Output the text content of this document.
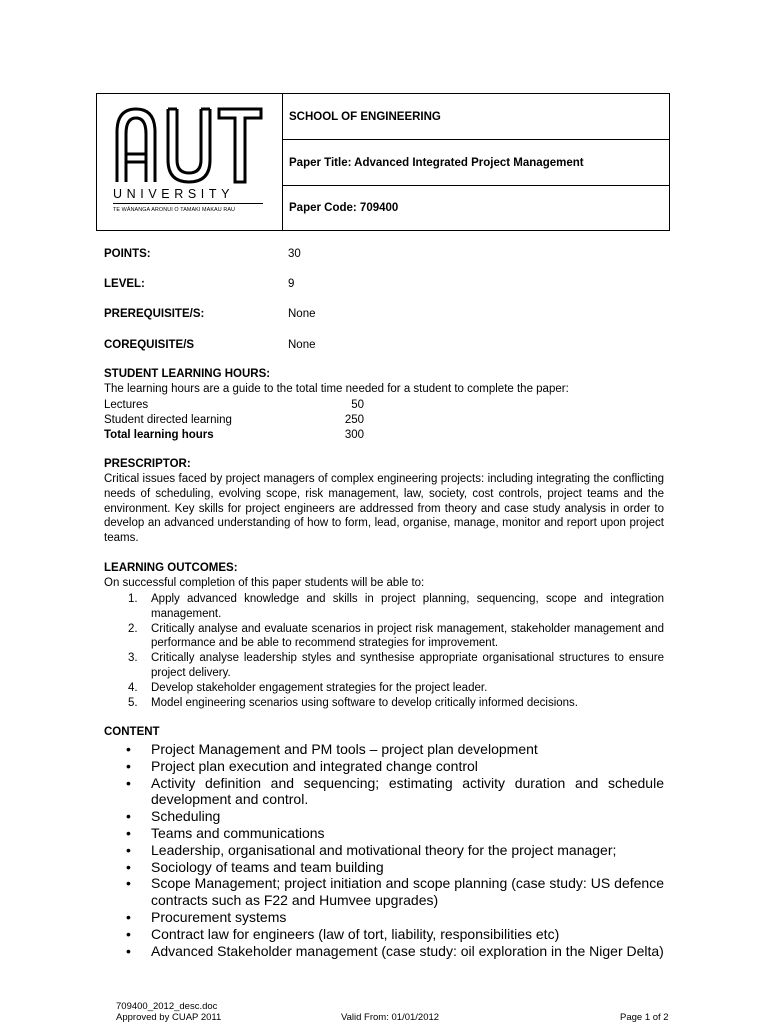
UNIVERSITY
TE WĀNANGA ARONUI O TAMAKI MAKAU RAU
SCHOOL OF ENGINEERING
Paper Title: Advanced Integrated Project Management
Paper Code: 709400
POINTS:	30
LEVEL:	9
PREREQUISITE/S:	None
COREQUISITE/S	None
STUDENT LEARNING HOURS:
The learning hours are a guide to the total time needed for a student to complete the paper:
Lectures	50
Student directed learning	250
Total learning hours	300
PRESCRIPTOR:
Critical issues faced by project managers of complex engineering projects: including integrating the conflicting needs of scheduling, evolving scope, risk management, law, society, cost controls, project teams and the environment. Key skills for project engineers are addressed from theory and case study analysis in order to develop an advanced understanding of how to form, lead, organise, manage, monitor and report upon project teams.
LEARNING OUTCOMES:
On successful completion of this paper students will be able to:
1. Apply advanced knowledge and skills in project planning, sequencing, scope and integration management.
2. Critically analyse and evaluate scenarios in project risk management, stakeholder management and performance and be able to recommend strategies for improvement.
3. Critically analyse leadership styles and synthesise appropriate organisational structures to ensure project delivery.
4. Develop stakeholder engagement strategies for the project leader.
5. Model engineering scenarios using software to develop critically informed decisions.
CONTENT
• Project Management and PM tools – project plan development
• Project plan execution and integrated change control
• Activity definition and sequencing; estimating activity duration and schedule development and control.
• Scheduling
• Teams and communications
• Leadership, organisational and motivational theory for the project manager;
• Sociology of teams and team building
• Scope Management; project initiation and scope planning (case study: US defence contracts such as F22 and Humvee upgrades)
• Procurement systems
• Contract law for engineers (law of tort, liability, responsibilities etc)
• Advanced Stakeholder management (case study: oil exploration in the Niger Delta)
709400_2012_desc.doc
Approved by CUAP 2011	Valid From: 01/01/2012	Page 1 of 2
